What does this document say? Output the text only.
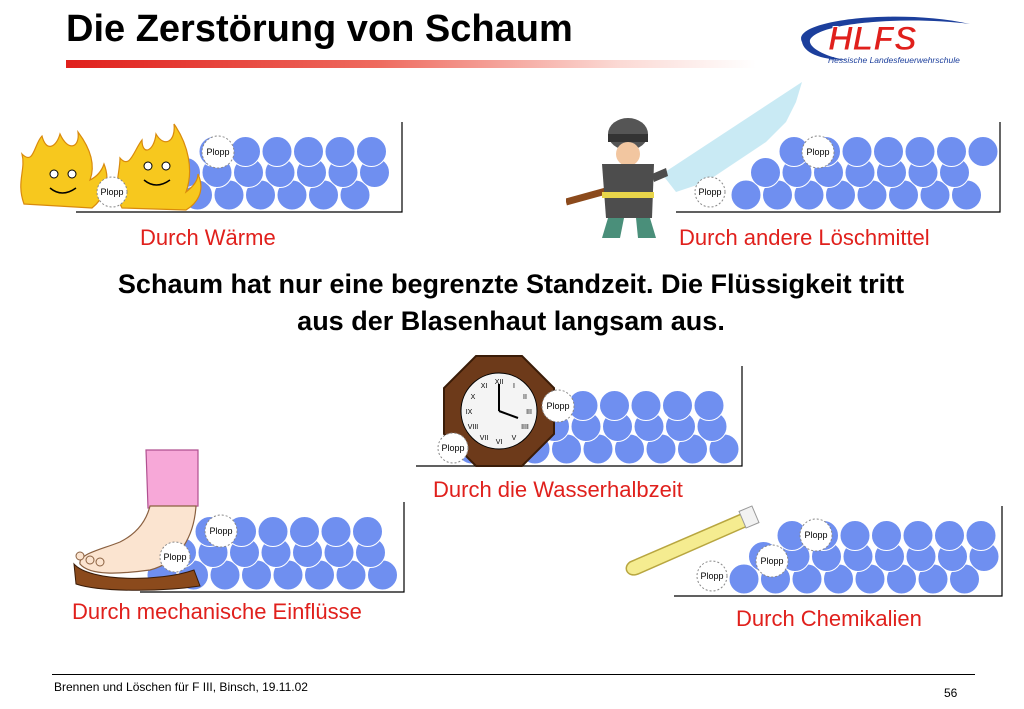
Die Zerstörung von Schaum	HLFS
Hessische Landesfeuerwehrschule
Plopp
Plopp
Durch Wärme
Plopp
Plopp
Durch andere Löschmittel
Schaum hat nur eine begrenzte Standzeit. Die Flüssigkeit tritt aus der Blasenhaut langsam aus.
XII
I
II
III
IIII
V
VI
VII
VIII
IX
X
XI
Plopp
Plopp
Durch die Wasserhalbzeit
Plopp
Plopp
Durch mechanische Einflüsse
Plopp
Plopp
Plopp
Durch Chemikalien
Brennen und Löschen für F III, Binsch, 19.11.02	56
